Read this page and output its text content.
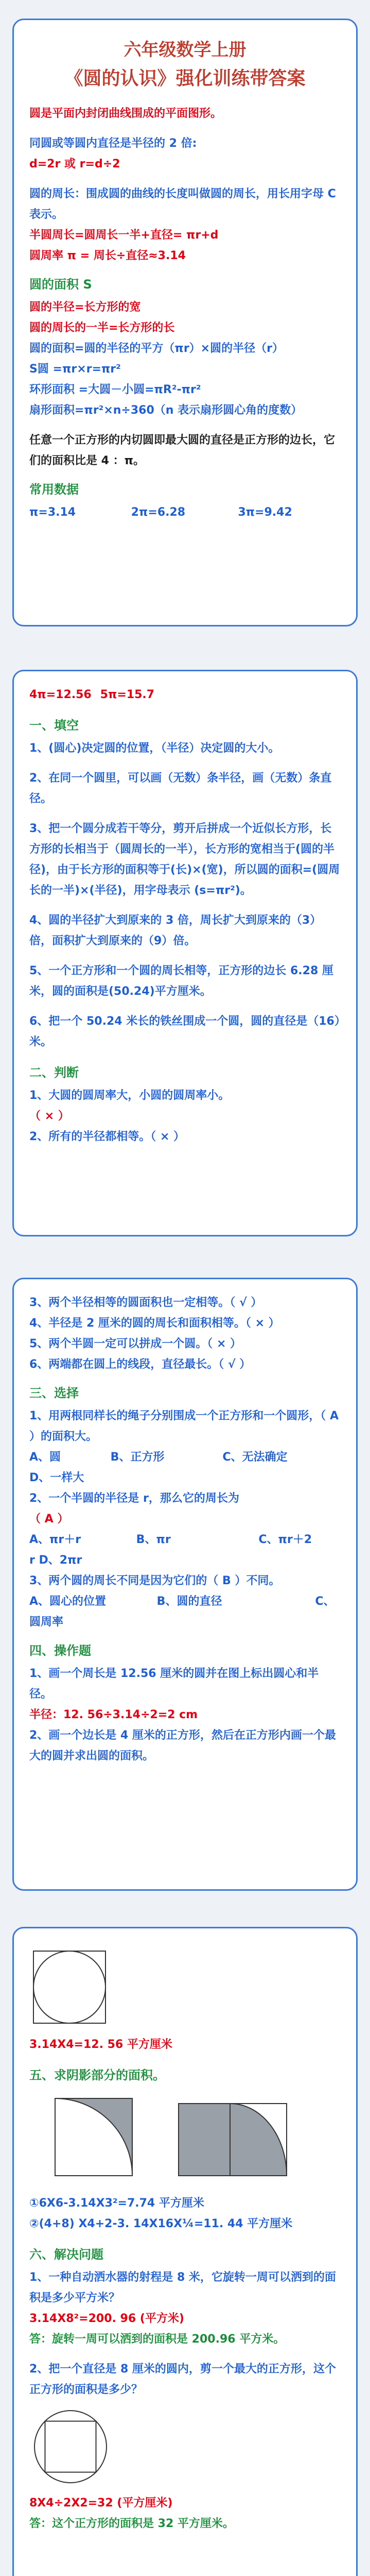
六年级数学上册
《圆的认识》强化训练带答案

圆是平面内封闭曲线围成的平面图形。

同圆或等圆内直径是半径的 2 倍:

d=2r 或 r=d÷2

圆的周长：围成圆的曲线的长度叫做圆的周长，用长用字母 C 表示。

半圆周长=圆周长一半+直径= πr+d

圆周率 π = 周长÷直径≈3.14

圆的面积 S

圆的半径=长方形的宽

圆的周长的一半=长方形的长

圆的面积=圆的半径的平方（πr）×圆的半径（r）

S圆 =πr×r=πr²

环形面积 =大圆－小圆=πR²-πr²

扇形面积=πr²×n÷360（n 表示扇形圆心角的度数）

任意一个正方形的内切圆即最大圆的直径是正方形的边长，它们的面积比是 4 ：π。

常用数据

π=3.14	2π=6.28	3π=9.42

4π=12.56 5π=15.7

一、填空

1、(圆心)决定圆的位置，（半径）决定圆的大小。

2、在同一个圆里，可以画（无数）条半径，画（无数）条直径。

3、把一个圆分成若干等分，剪开后拼成一个近似长方形，长方形的长相当于（圆周长的一半），长方形的宽相当于(圆的半径)，由于长方形的面积等于(长)×(宽)，所以圆的面积=(圆周长的一半)×(半径)，用字母表示 (s=πr²)。

4、圆的半径扩大到原来的 3 倍，周长扩大到原来的（3）倍，面积扩大到原来的（9）倍。

5、一个正方形和一个圆的周长相等，正方形的边长 6.28 厘米，圆的面积是(50.24)平方厘米。

6、把一个 50.24 米长的铁丝围成一个圆，圆的直径是（16）米。

二、判断

1、大圆的圆周率大，小圆的圆周率小。

（ × ）

2、所有的半径都相等。（ × ）

3、两个半径相等的圆面积也一定相等。（ √ ）

4、半径是 2 厘米的圆的周长和面积相等。（ × ）

5、两个半圆一定可以拼成一个圆。（ × ）

6、两端都在圆上的线段，直径最长。（ √ ）

三、选择

1、用两根同样长的绳子分别围成一个正方形和一个圆形，（ A ）的面积大。

A、圆	B、正方形	C、无法确定

D、一样大

2、一个半圆的半径是 r，那么它的周长为

（ A ）

A、πr＋r	B、πr	C、πr＋2

r D、2πr

3、两个圆的周长不同是因为它们的（ B ）不同。

A、圆心的位置	B、圆的直径	C、

圆周率

四、操作题

1、画一个周长是 12.56 厘米的圆并在图上标出圆心和半径。

半径：12. 56÷3.14÷2=2 cm

2、画一个边长是 4 厘米的正方形，然后在正方形内画一个最大的圆并求出圆的面积。

3.14X4=12. 56 平方厘米

五、求阴影部分的面积。

①6X6-3.14X3²=7.74 平方厘米

②(4+8) X4+2-3. 14X16X¼=11. 44 平方厘米

六、解决问题

1、一种自动洒水器的射程是 8 米，它旋转一周可以洒到的面积是多少平方米？

3.14X8²=200. 96 (平方米)

答：旋转一周可以洒到的面积是 200.96 平方米。

2、把一个直径是 8 厘米的圆内，剪一个最大的正方形，这个正方形的面积是多少？

8X4÷2X2=32 (平方厘米)

答：这个正方形的面积是 32 平方厘米。
